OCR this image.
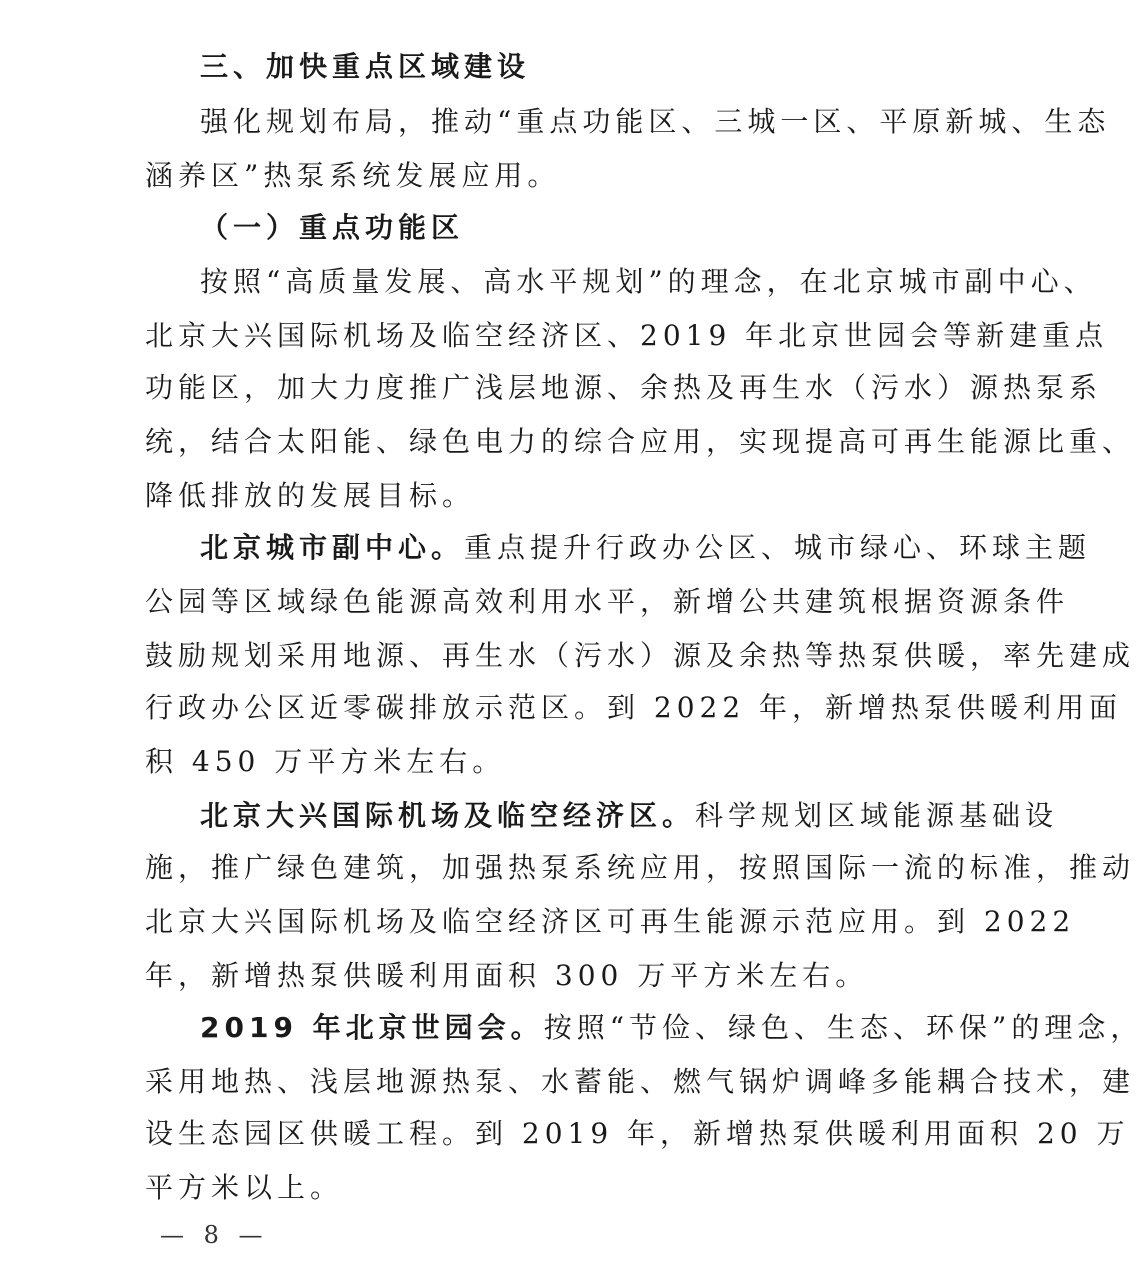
三、加快重点区域建设
强化规划布局，推动“重点功能区、三城一区、平原新城、生态
涵养区”热泵系统发展应用。
（一）重点功能区
按照“高质量发展、高水平规划”的理念，在北京城市副中心、
北京大兴国际机场及临空经济区、2019 年北京世园会等新建重点
功能区，加大力度推广浅层地源、余热及再生水（污水）源热泵系
统，结合太阳能、绿色电力的综合应用，实现提高可再生能源比重、
降低排放的发展目标。
北京城市副中心。重点提升行政办公区、城市绿心、环球主题
公园等区域绿色能源高效利用水平，新增公共建筑根据资源条件
鼓励规划采用地源、再生水（污水）源及余热等热泵供暖，率先建成
行政办公区近零碳排放示范区。到 2022 年，新增热泵供暖利用面
积 450 万平方米左右。
北京大兴国际机场及临空经济区。科学规划区域能源基础设
施，推广绿色建筑，加强热泵系统应用，按照国际一流的标准，推动
北京大兴国际机场及临空经济区可再生能源示范应用。到 2022
年，新增热泵供暖利用面积 300 万平方米左右。
2019 年北京世园会。按照“节俭、绿色、生态、环保”的理念，
采用地热、浅层地源热泵、水蓄能、燃气锅炉调峰多能耦合技术，建
设生态园区供暖工程。到 2019 年，新增热泵供暖利用面积 20 万
平方米以上。
— 8 —
